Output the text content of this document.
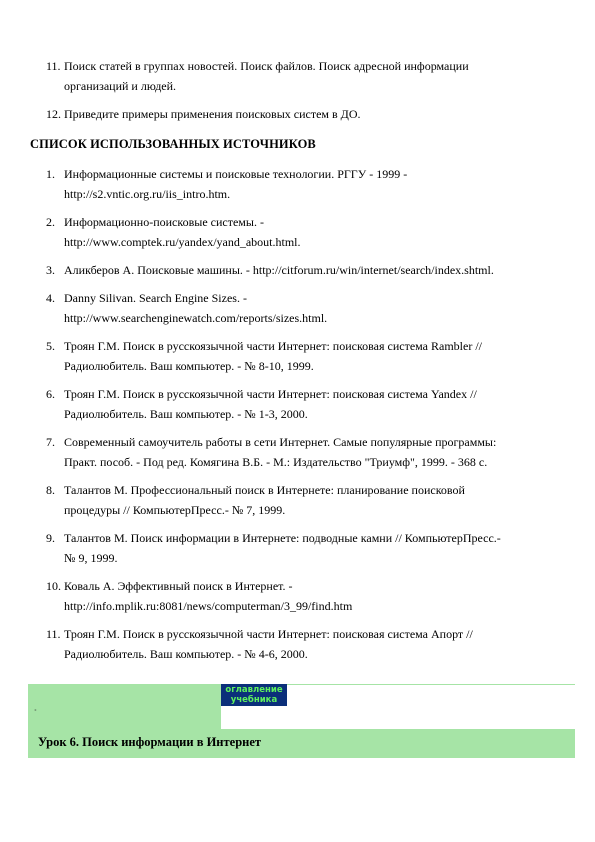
11. Поиск статей в группах новостей. Поиск файлов. Поиск адресной информации
организаций и людей.
12. Приведите примеры применения поисковых систем в ДО.
СПИСОК ИСПОЛЬЗОВАННЫХ ИСТОЧНИКОВ
1. Информационные системы и поисковые технологии. РГГУ - 1999 -
http://s2.vntic.org.ru/iis_intro.htm.
2. Информационно-поисковые системы. -
http://www.comptek.ru/yandex/yand_about.html.
3. Аликберов А. Поисковые машины. - http://citforum.ru/win/internet/search/index.shtml.
4. Danny Silivan. Search Engine Sizes. -
http://www.searchenginewatch.com/reports/sizes.html.
5. Троян Г.М. Поиск в русскоязычной части Интернет: поисковая система Rambler //
Радиолюбитель. Ваш компьютер. - № 8-10, 1999.
6. Троян Г.М. Поиск в русскоязычной части Интернет: поисковая система Yandex //
Радиолюбитель. Ваш компьютер. - № 1-3, 2000.
7. Современный самоучитель работы в сети Интернет. Самые популярные программы:
Практ. пособ. - Под ред. Комягина В.Б. - М.: Издательство "Триумф", 1999. - 368 с.
8. Талантов М. Профессиональный поиск в Интернете: планирование поисковой
процедуры // КомпьютерПресс.- № 7, 1999.
9. Талантов М. Поиск информации в Интернете: подводные камни // КомпьютерПресс.-
№ 9, 1999.
10. Коваль А. Эффективный поиск в Интернет. -
http://info.mplik.ru:8081/news/computerman/3_99/find.htm
11. Троян Г.М. Поиск в русскоязычной части Интернет: поисковая система Апорт //
Радиолюбитель. Ваш компьютер. - № 4-6, 2000.
•
оглавление
учебника
Урок 6. Поиск информации в Интернет
